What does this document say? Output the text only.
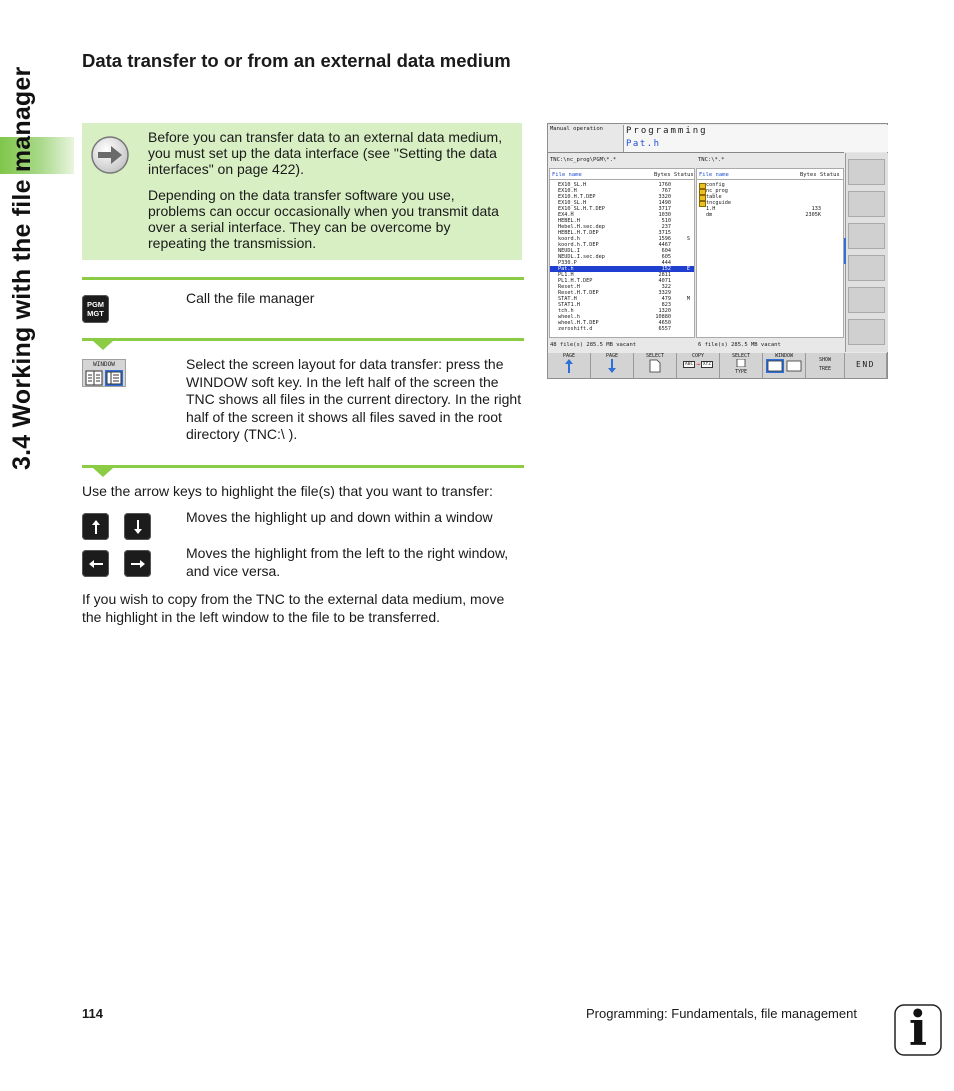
3.4 Working with the file manager
Data transfer to or from an external data medium
Before you can transfer data to an external data medium, you must set up the data interface (see "Setting the data interfaces" on page 422).
Depending on the data transfer software you use, problems can occur occasionally when you transmit data over a serial interface. They can be overcome by repeating the transmission.
PGM
MGT
Call the file manager
WINDOW	Select the screen layout for data transfer: press the WINDOW soft key. In the left half of the screen the TNC shows all files in the current directory. In the right half of the screen it shows all files saved in the root directory (TNC:\ ).
Use the arrow keys to highlight the file(s) that you want to transfer:
Moves the highlight up and down within a window
Moves the highlight from the left to the right window, and vice versa.
If you wish to copy from the TNC to the external data medium, move the highlight in the left window to the file to be transferred.
Manual operation	Programming
Pat.h
TNC:\nc_prog\PGM\*.*	TNC:\*.*
File name	Bytes Status
EX10_SL.H	1760
EX10.H	767
EX10.H.T.DEP	3320
EX10_SL.H	1490
EX10_SL.H.T.DEP	3717
EX4.H	1030
HEBEL.H	510
Hebel.H.sec.dep	237
HEBEL.H.T.DEP	3715
koord.h	1596	S
koord.h.T.DEP	4467
NEUDL.I	604
NEUDL.I.sec.dep	605
P330.P	444
Pat.h	152	E
PL1.H	2811
PL1.H.T.DEP	4071
Reset.H	322
Reset.H.T.DEP	3329
STAT.H	479	M
STAT1.H	823
tch.h	1320
wheel.h	10880
wheel.H.T.DEP	4650
zeroshift.d	6557
File name	Bytes Status
config
nc_prog
table
tncguide
1.H	133
dm	2305K
48 file(s) 285.5 MB vacant	6 file(s) 285.5 MB vacant
PAGE	PAGE	SELECT	COPY
ABC → XYZ
SELECT
TYPE
WINDOW
SHOW
TREE	END
114	Programming: Fundamentals, file management	i
